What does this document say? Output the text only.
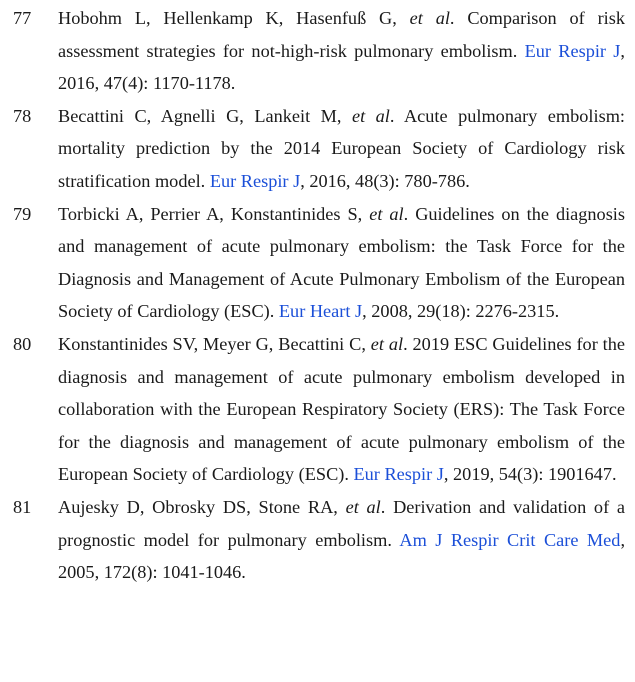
77	Hobohm L, Hellenkamp K, Hasenfuß G, et al. Comparison of risk assessment strategies for not-high-risk pulmonary embolism. Eur Respir J, 2016, 47(4): 1170-1178.
78	Becattini C, Agnelli G, Lankeit M, et al. Acute pulmonary embolism: mortality prediction by the 2014 European Society of Cardiology risk stratification model. Eur Respir J, 2016, 48(3): 780-786.
79	Torbicki A, Perrier A, Konstantinides S, et al. Guidelines on the diagnosis and management of acute pulmonary embolism: the Task Force for the Diagnosis and Management of Acute Pulmonary Embolism of the European Society of Cardiology (ESC). Eur Heart J, 2008, 29(18): 2276-2315.
80	Konstantinides SV, Meyer G, Becattini C, et al. 2019 ESC Guidelines for the diagnosis and management of acute pulmonary embolism developed in collaboration with the European Respiratory Society (ERS): The Task Force for the diagnosis and management of acute pulmonary embolism of the European Society of Cardiology (ESC). Eur Respir J, 2019, 54(3): 1901647.
81	Aujesky D, Obrosky DS, Stone RA, et al. Derivation and validation of a prognostic model for pulmonary embolism. Am J Respir Crit Care Med, 2005, 172(8): 1041-1046.
